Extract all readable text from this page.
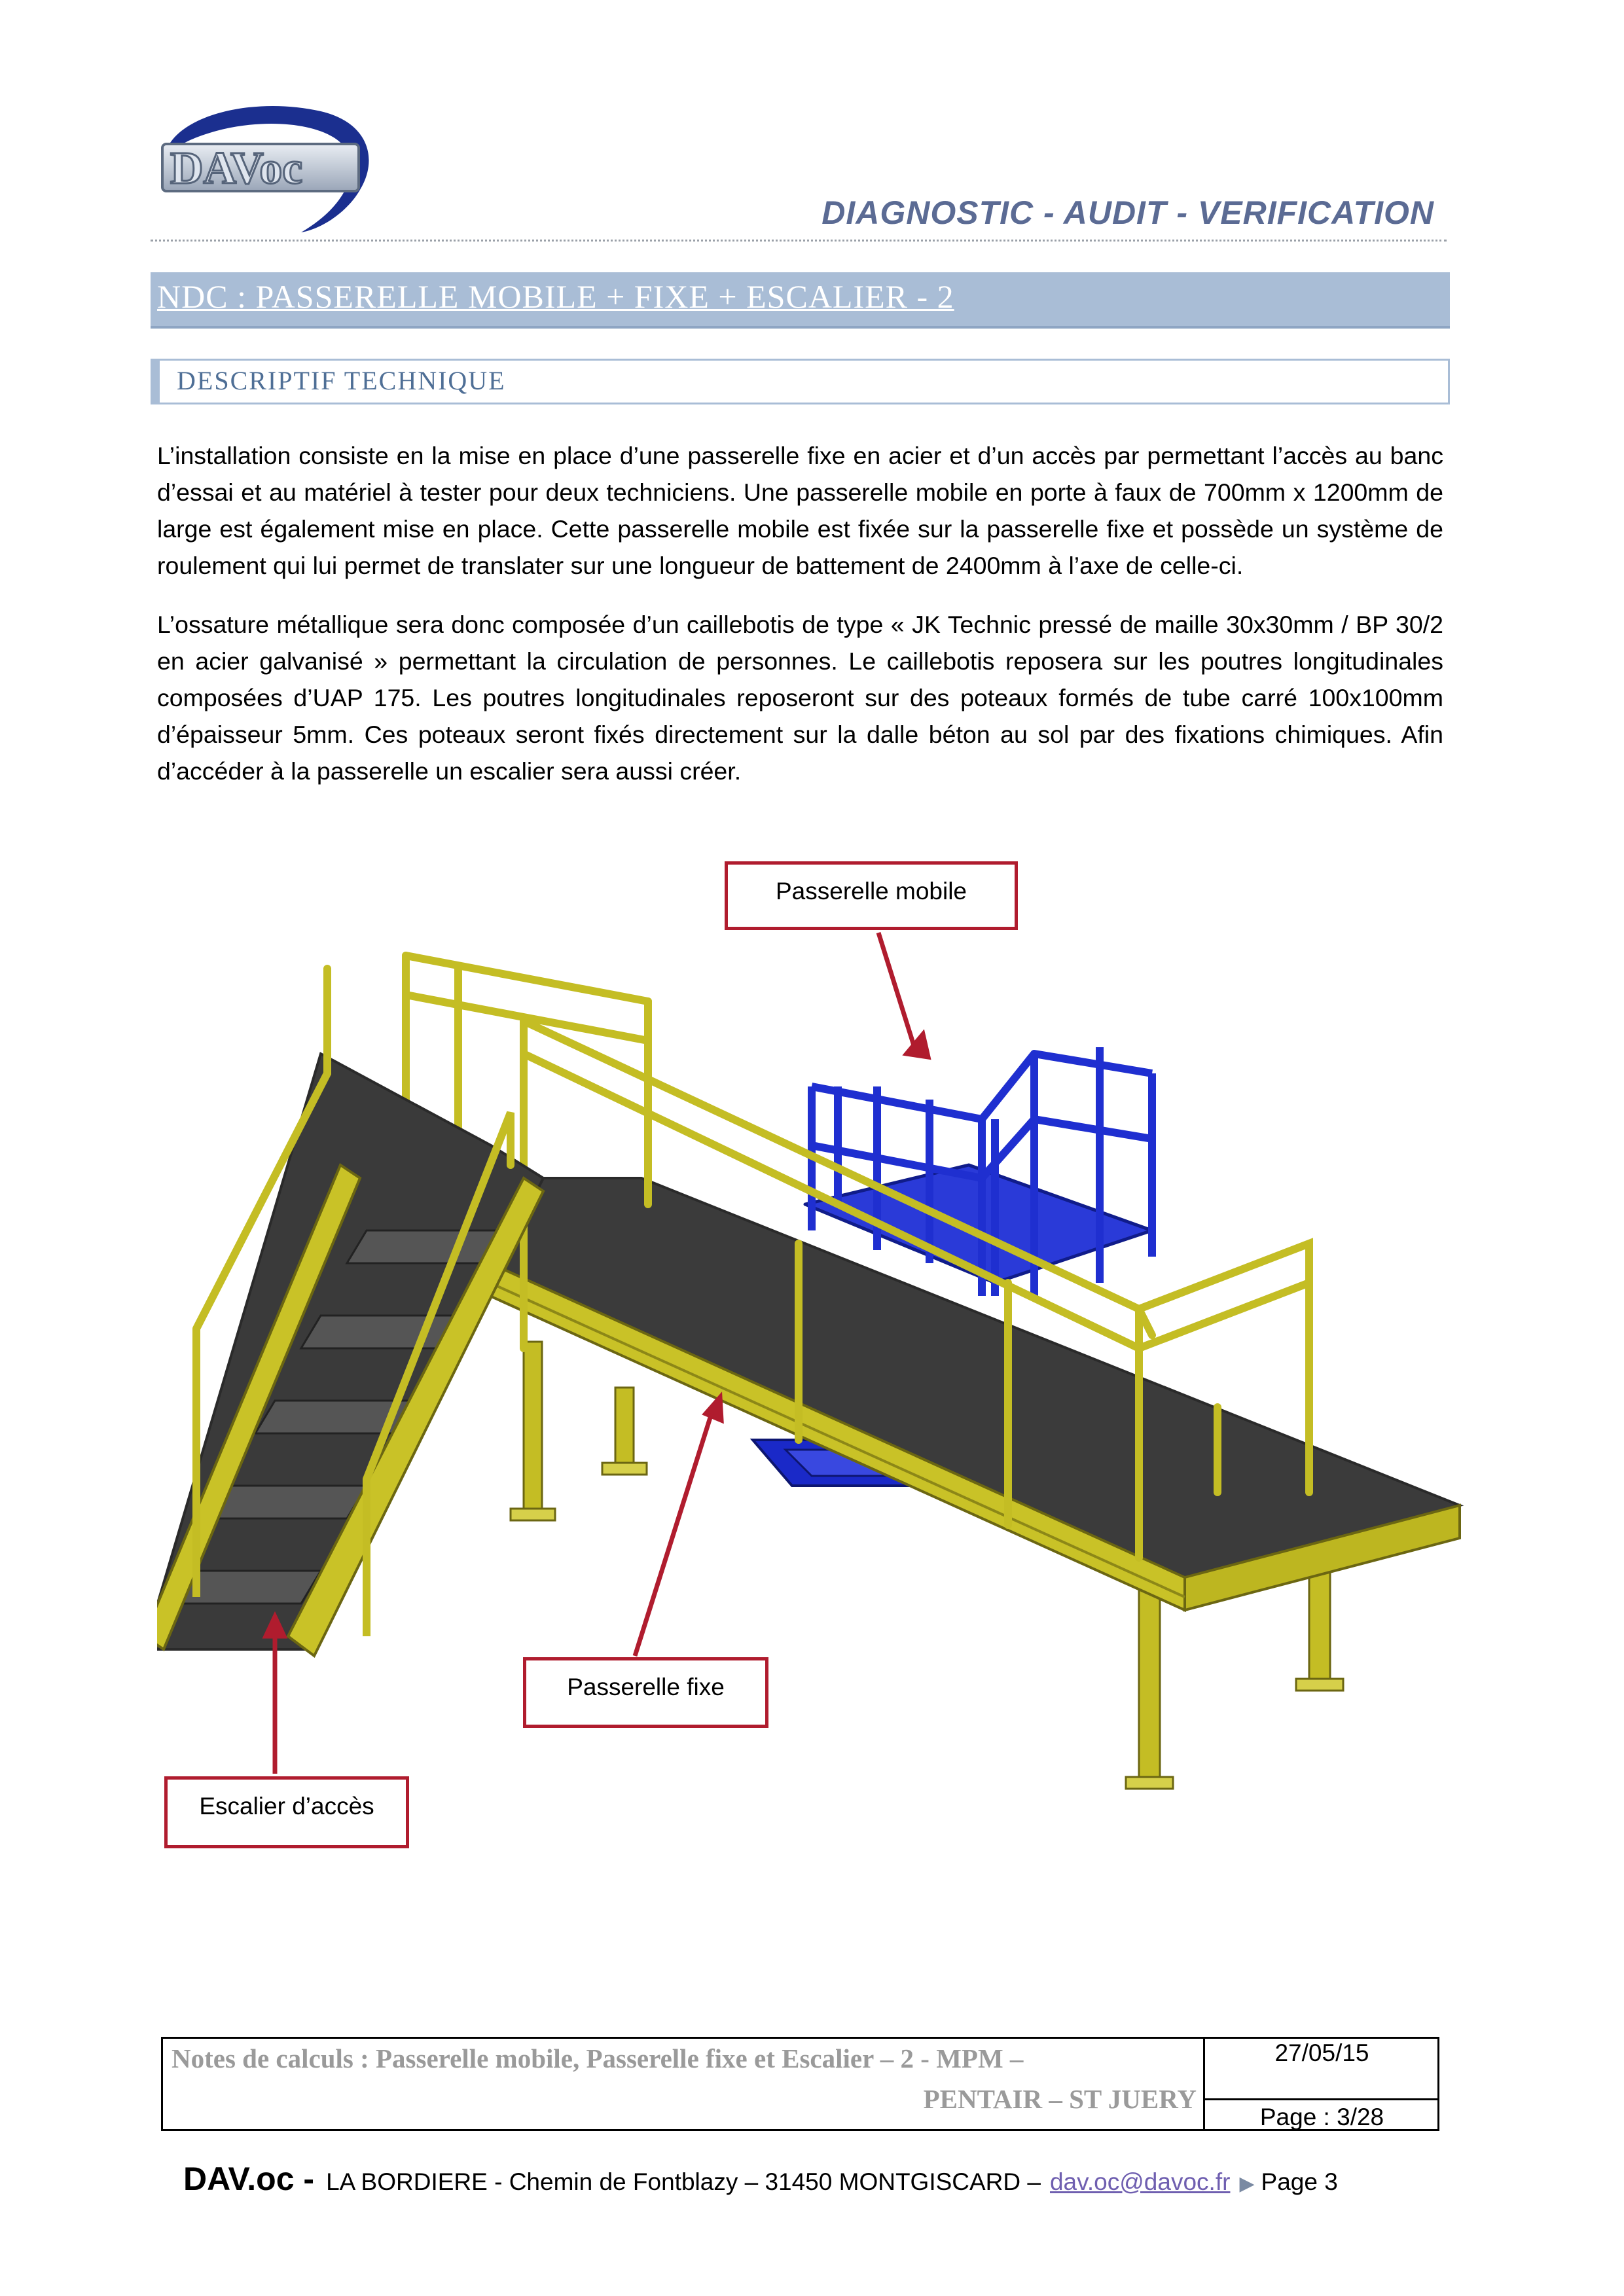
DAVoc
DIAGNOSTIC - AUDIT - VERIFICATION
NDC : PASSERELLE MOBILE + FIXE + ESCALIER - 2
DESCRIPTIF TECHNIQUE
L’installation consiste en la mise en place d’une passerelle fixe en acier et d’un accès par permettant l’accès au banc d’essai et au matériel à tester pour deux techniciens. Une passerelle mobile en porte à faux de 700mm x 1200mm de large est également mise en place. Cette passerelle mobile est fixée sur la passerelle fixe et possède un système de roulement qui lui permet de translater sur une longueur de battement de 2400mm à l’axe de celle-ci.
L’ossature métallique sera donc composée d’un caillebotis de type « JK Technic pressé de maille 30x30mm / BP 30/2 en acier galvanisé » permettant la circulation de personnes. Le caillebotis reposera sur les poutres longitudinales composées d’UAP 175. Les poutres longitudinales reposeront sur des poteaux formés de tube carré 100x100mm d’épaisseur 5mm. Ces poteaux seront fixés directement sur la dalle béton au sol par des fixations chimiques. Afin d’accéder à la passerelle un escalier sera aussi créer.
Passerelle mobile
Passerelle fixe
Escalier d’accès
Notes de calculs : Passerelle mobile, Passerelle fixe et Escalier – 2 - MPM –
PENTAIR – ST JUERY
27/05/15
Page : 3/28
DAV.oc - LA BORDIERE - Chemin de Fontblazy – 31450 MONTGISCARD – dav.oc@davoc.fr ▶ Page 3
